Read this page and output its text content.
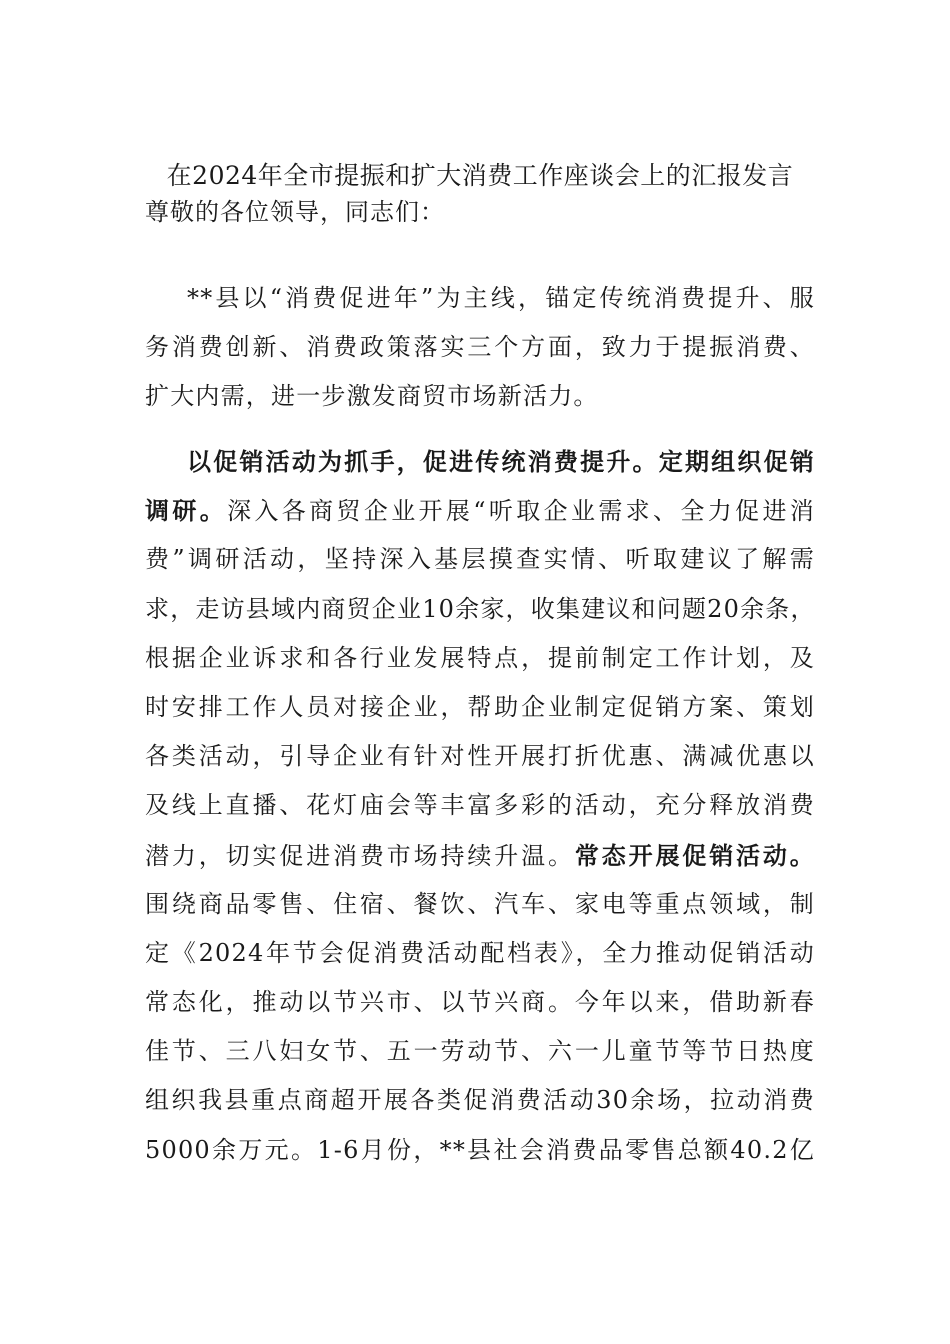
在2024年全市提振和扩大消费工作座谈会上的汇报发言
尊敬的各位领导，同志们：
**县以“消费促进年”为主线，锚定传统消费提升、服
务消费创新、消费政策落实三个方面，致力于提振消费、
扩大内需，进一步激发商贸市场新活力。
以促销活动为抓手，促进传统消费提升。定期组织促销
调研。深入各商贸企业开展“听取企业需求、全力促进消
费”调研活动，坚持深入基层摸查实情、听取建议了解需
求，走访县域内商贸企业10余家，收集建议和问题20余条，
根据企业诉求和各行业发展特点，提前制定工作计划，及
时安排工作人员对接企业，帮助企业制定促销方案、策划
各类活动，引导企业有针对性开展打折优惠、满减优惠以
及线上直播、花灯庙会等丰富多彩的活动，充分释放消费
潜力，切实促进消费市场持续升温。常态开展促销活动。
围绕商品零售、住宿、餐饮、汽车、家电等重点领域，制
定《2024年节会促消费活动配档表》，全力推动促销活动
常态化，推动以节兴市、以节兴商。今年以来，借助新春
佳节、三八妇女节、五一劳动节、六一儿童节等节日热度
组织我县重点商超开展各类促消费活动30余场，拉动消费
5000余万元。1-6月份，**县社会消费品零售总额40.2亿
